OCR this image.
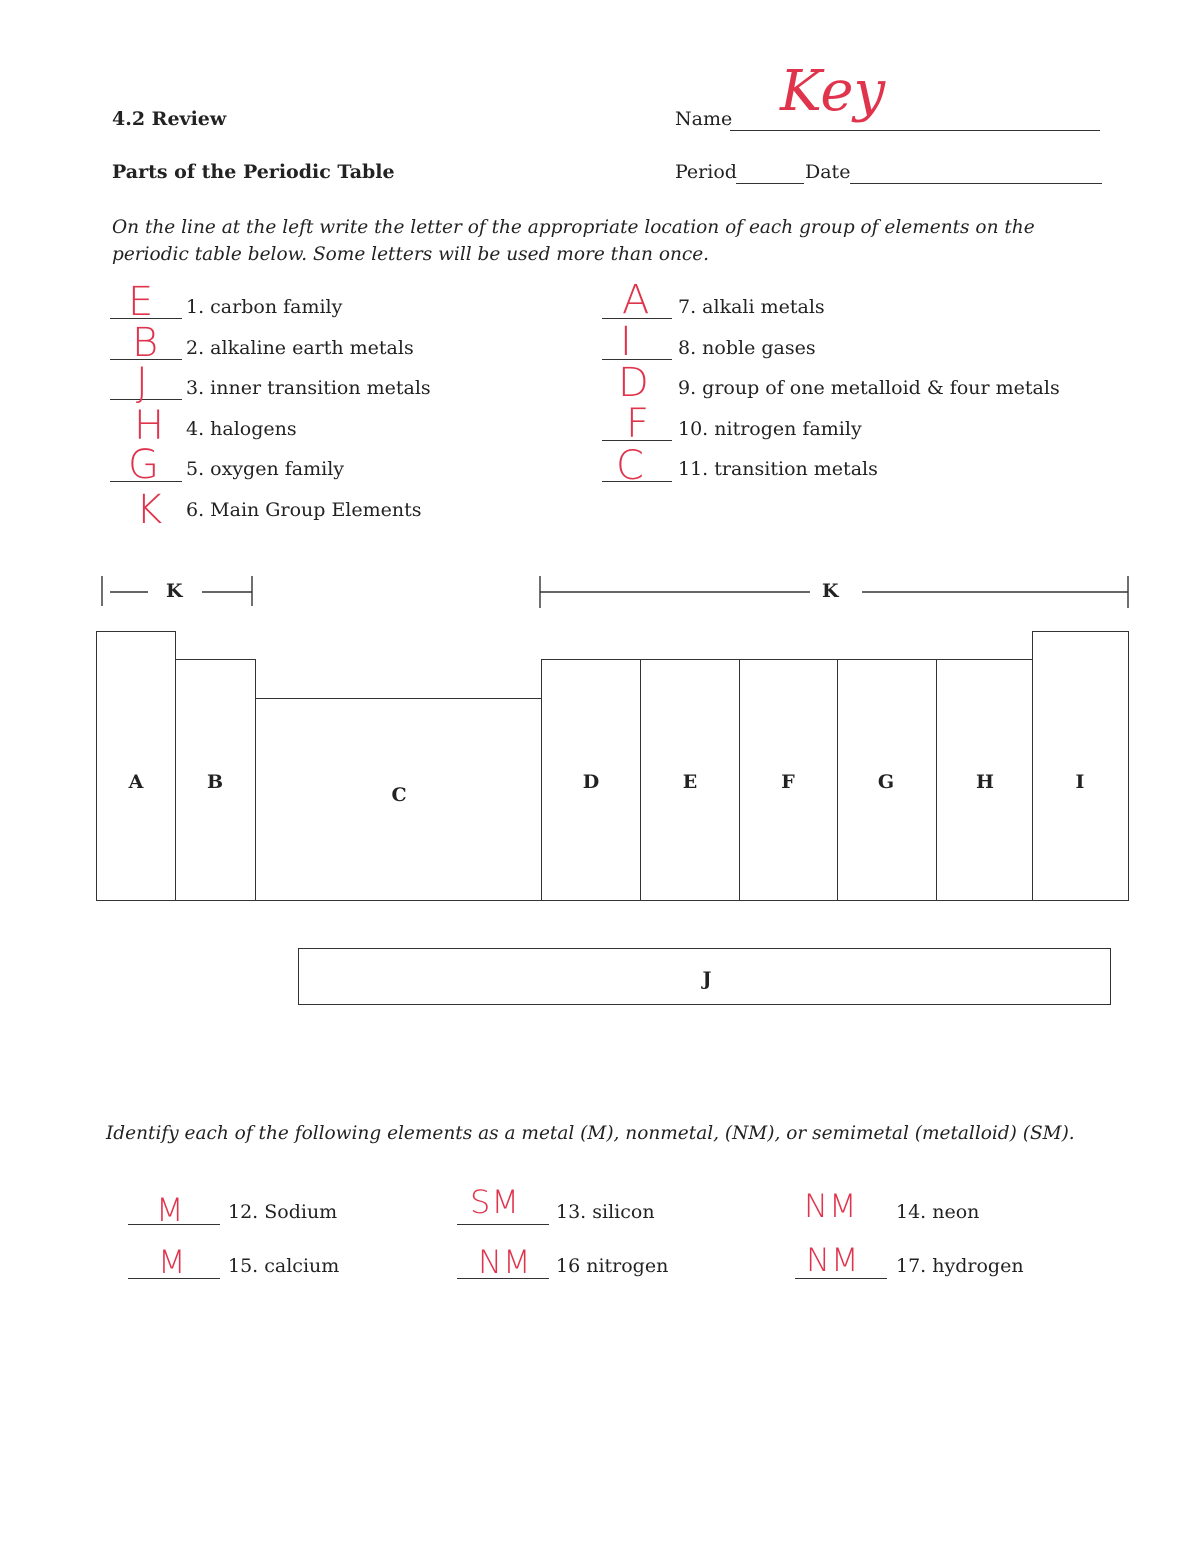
4.2 Review
Parts of the Periodic Table
Name Key
Period	Date
On the line at the left write the letter of the appropriate location of each group of elements on the periodic table below. Some letters will be used more than once.
E 1. carbon family
B 2. alkaline earth metals
J 3. inner transition metals
H 4. halogens
G 5. oxygen family
K 6. Main Group Elements
A 7. alkali metals
I 8. noble gases
D 9. group of one metalloid & four metals
F 10. nitrogen family
C 11. transition metals
K	K
A	B
C
D	E	F	G	H	I
J
Identify each of the following elements as a metal (M), nonmetal, (NM), or semimetal (metalloid) (SM).
M 12. Sodium	SM 13. silicon	NM 14. neon
M 15. calcium	NM 16 nitrogen	NM 17. hydrogen
